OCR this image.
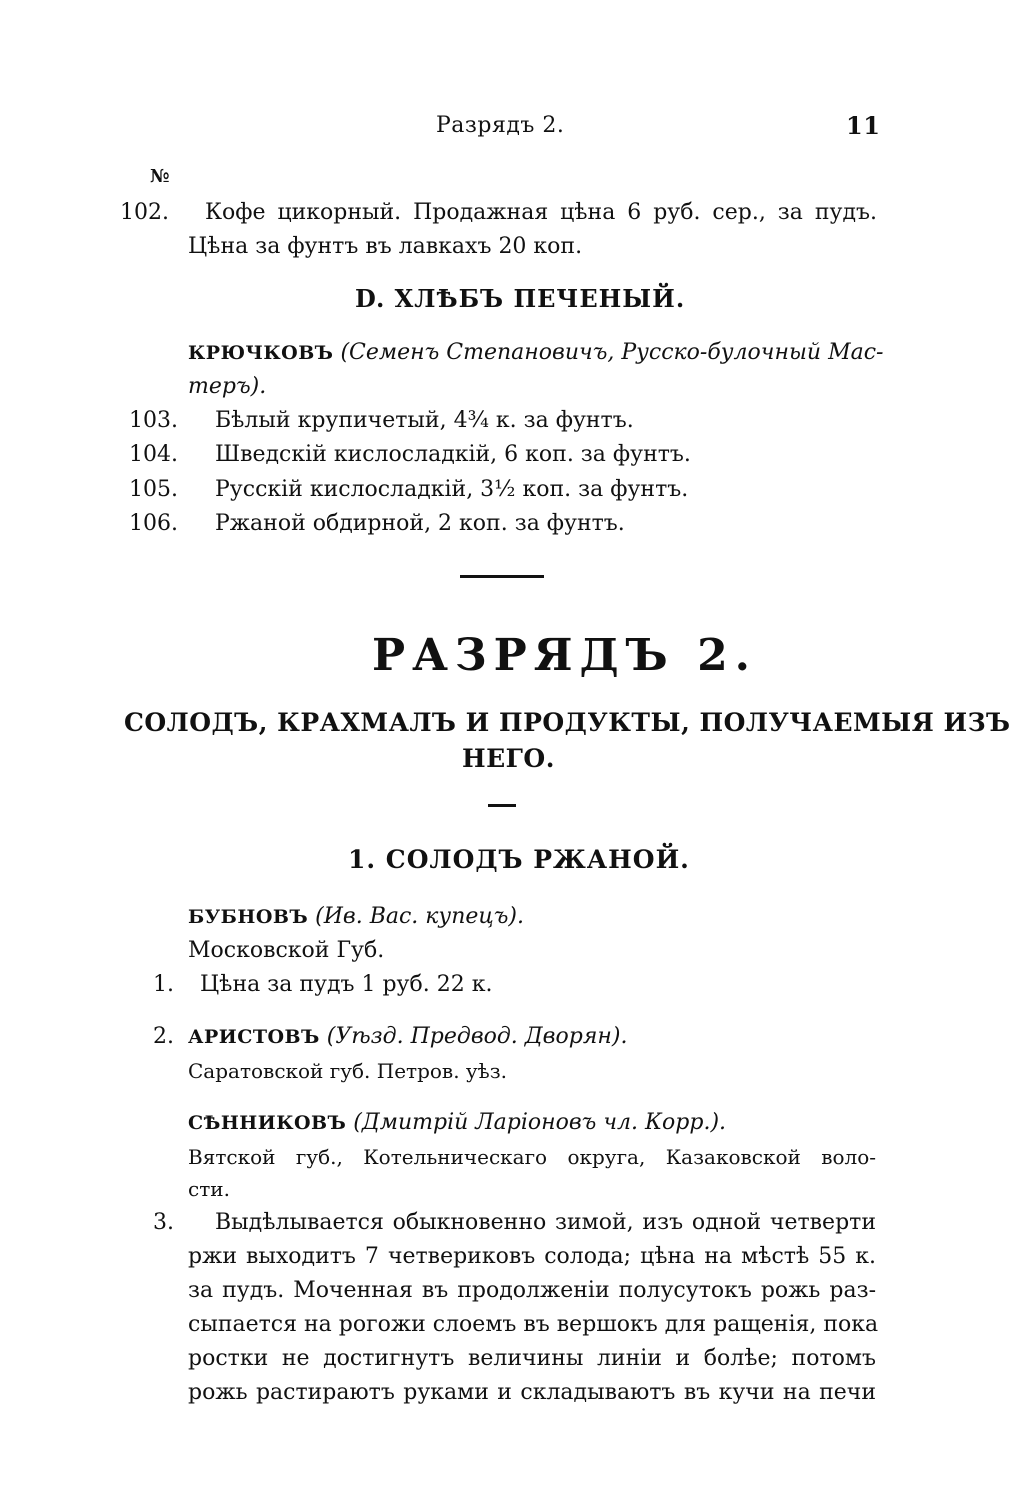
Разрядъ 2.	11
№
102. Кофе цикорный. Продажная цѣна 6 руб. сер., за пудъ.
Цѣна за фунтъ въ лавкахъ 20 коп.
D. ХЛѢБЪ ПЕЧЕНЫЙ.
КРЮЧКОВЪ (Семенъ Степановичъ, Русско-булочный Мас-
теръ).
103. Бѣлый крупичетый, 4¾ к. за фунтъ.
104. Шведскій кислосладкій, 6 коп. за фунтъ.
105. Русскій кислосладкій, 3½ коп. за фунтъ.
106. Ржаной обдирной, 2 коп. за фунтъ.
РАЗРЯДЪ 2.
СОЛОДЪ, КРАХМАЛЪ И ПРОДУКТЫ, ПОЛУЧАЕМЫЯ ИЗЪ
НЕГО.
1. СОЛОДЪ РЖАНОЙ.
БУБНОВЪ (Ив. Вас. купецъ).
Московской Губ.
1. Цѣна за пудъ 1 руб. 22 к.
2. АРИСТОВЪ (Уѣзд. Предвод. Дворян).
Саратовской губ. Петров. уѣз.
СѢННИКОВЪ (Дмитрій Ларіоновъ чл. Корр.).
Вятской губ., Котельническаго округа, Казаковской воло-
сти.
3. Выдѣлывается обыкновенно зимой, изъ одной четверти
ржи выходитъ 7 четвериковъ солода; цѣна на мѣстѣ 55 к.
за пудъ. Моченная въ продолженіи полусутокъ рожь раз-
сыпается на рогожи слоемъ въ вершокъ для ращенія, пока
ростки не достигнутъ величины линіи и болѣе; потомъ
рожь растираютъ руками и складываютъ въ кучи на печи
